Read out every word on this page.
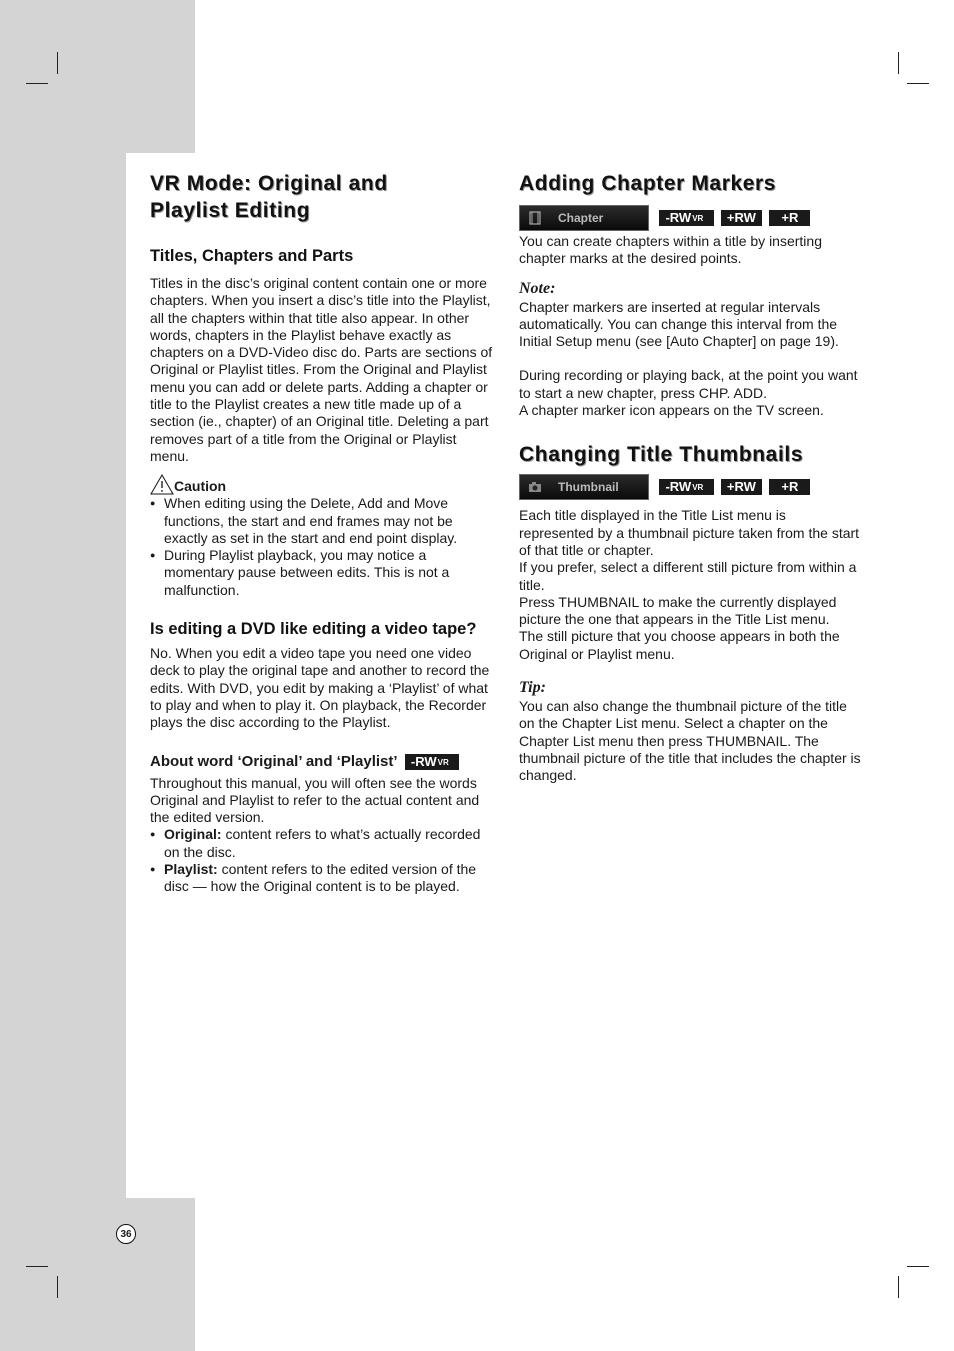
VR Mode: Original and
Playlist Editing
Titles, Chapters and Parts

Titles in the disc’s original content contain one or more chapters. When you insert a disc’s title into the Playlist, all the chapters within that title also appear. In other words, chapters in the Playlist behave exactly as chapters on a DVD-Video disc do. Parts are sections of Original or Playlist titles. From the Original and Playlist menu you can add or delete parts. Adding a chapter or title to the Playlist creates a new title made up of a section (ie., chapter) of an Original title. Deleting a part removes part of a title from the Original or Playlist menu.

Caution
● When editing using the Delete, Add and Move functions, the start and end frames may not be exactly as set in the start and end point display.
● During Playlist playback, you may notice a momentary pause between edits. This is not a malfunction.
Is editing a DVD like editing a video tape?

No. When you edit a video tape you need one video deck to play the original tape and another to record the edits. With DVD, you edit by making a ‘Playlist’ of what to play and when to play it. On playback, the Recorder plays the disc according to the Playlist.

About word ‘Original’ and ‘Playlist’ $-RW_{VR}$

Throughout this manual, you will often see the words Original and Playlist to refer to the actual content and the edited version.

● Original: content refers to what’s actually recorded on the disc.
● Playlist: content refers to the edited version of the disc — how the Original content is to be played.
Adding Chapter Markers
Chapter	$-RW_{VR} +RW +R$

You can create chapters within a title by inserting chapter marks at the desired points.

Note:

Chapter markers are inserted at regular intervals automatically. You can change this interval from the Initial Setup menu (see [Auto Chapter] on page 19).

During recording or playing back, at the point you want to start a new chapter, press CHP. ADD.

A chapter marker icon appears on the TV screen.

Changing Title Thumbnails
Thumbnail	$-RW_{VR} +RW +R$

Each title displayed in the Title List menu is represented by a thumbnail picture taken from the start of that title or chapter.

If you prefer, select a different still picture from within a title.

Press THUMBNAIL to make the currently displayed picture the one that appears in the Title List menu.

The still picture that you choose appears in both the Original or Playlist menu.

Tip:

You can also change the thumbnail picture of the title on the Chapter List menu. Select a chapter on the Chapter List menu then press THUMBNAIL. The thumbnail picture of the title that includes the chapter is changed.

36
